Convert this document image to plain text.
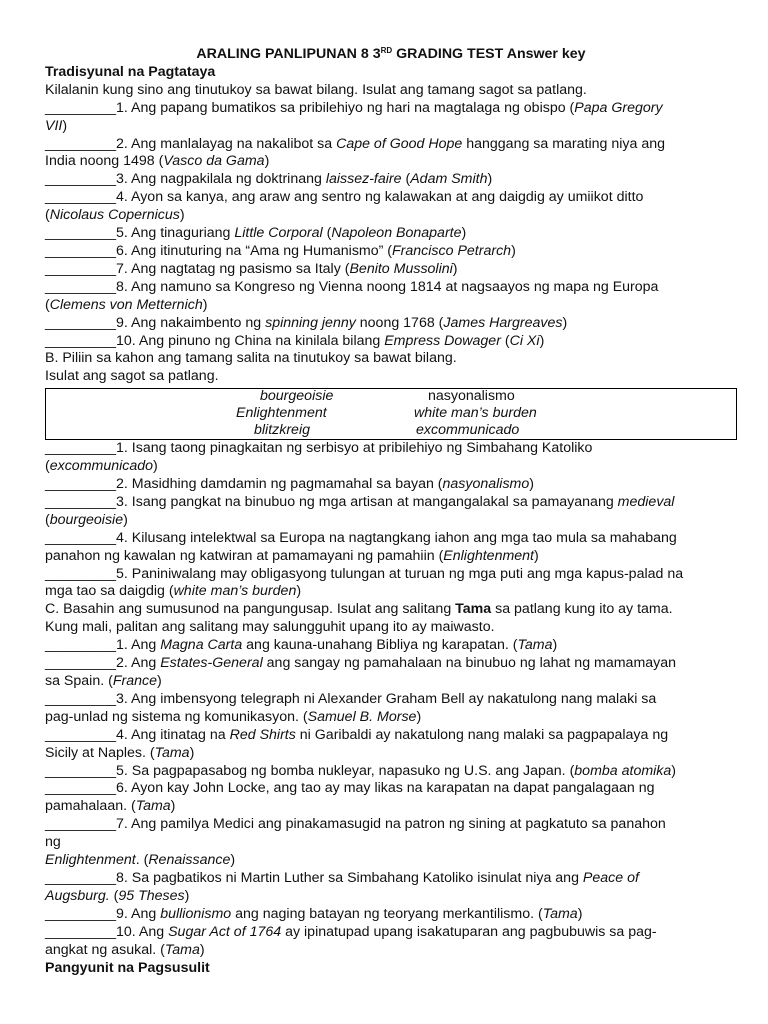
ARALING PANLIPUNAN 8 3RD GRADING TEST Answer key
Tradisyunal na Pagtataya
Kilalanin kung sino ang tinutukoy sa bawat bilang. Isulat ang tamang sagot sa patlang.
_________1. Ang papang bumatikos sa pribilehiyo ng hari na magtalaga ng obispo (Papa Gregory
VII)
_________2. Ang manlalayag na nakalibot sa Cape of Good Hope hanggang sa marating niya ang
India noong 1498 (Vasco da Gama)
_________3. Ang nagpakilala ng doktrinang laissez-faire (Adam Smith)
_________4. Ayon sa kanya, ang araw ang sentro ng kalawakan at ang daigdig ay umiikot ditto
(Nicolaus Copernicus)
_________5. Ang tinaguriang Little Corporal (Napoleon Bonaparte)
_________6. Ang itinuturing na “Ama ng Humanismo” (Francisco Petrarch)
_________7. Ang nagtatag ng pasismo sa Italy (Benito Mussolini)
_________8. Ang namuno sa Kongreso ng Vienna noong 1814 at nagsaayos ng mapa ng Europa
(Clemens von Metternich)
_________9. Ang nakaimbento ng spinning jenny noong 1768 (James Hargreaves)
_________10. Ang pinuno ng China na kinilala bilang Empress Dowager (Ci Xi)
B. Piliin sa kahon ang tamang salita na tinutukoy sa bawat bilang.
Isulat ang sagot sa patlang.
bourgeoisie	nasyonalismo
Enlightenment	white man’s burden
blitzkreig	excommunicado
_________1. Isang taong pinagkaitan ng serbisyo at pribilehiyo ng Simbahang Katoliko
(excommunicado)
_________2. Masidhing damdamin ng pagmamahal sa bayan (nasyonalismo)
_________3. Isang pangkat na binubuo ng mga artisan at mangangalakal sa pamayanang medieval
(bourgeoisie)
_________4. Kilusang intelektwal sa Europa na nagtangkang iahon ang mga tao mula sa mahabang
panahon ng kawalan ng katwiran at pamamayani ng pamahiin (Enlightenment)
_________5. Paniniwalang may obligasyong tulungan at turuan ng mga puti ang mga kapus-palad na
mga tao sa daigdig (white man’s burden)
C. Basahin ang sumusunod na pangungusap. Isulat ang salitang Tama sa patlang kung ito ay tama.
Kung mali, palitan ang salitang may salungguhit upang ito ay maiwasto.
_________1. Ang Magna Carta ang kauna-unahang Bibliya ng karapatan. (Tama)
_________2. Ang Estates-General ang sangay ng pamahalaan na binubuo ng lahat ng mamamayan
sa Spain. (France)
_________3. Ang imbensyong telegraph ni Alexander Graham Bell ay nakatulong nang malaki sa
pag-unlad ng sistema ng komunikasyon. (Samuel B. Morse)
_________4. Ang itinatag na Red Shirts ni Garibaldi ay nakatulong nang malaki sa pagpapalaya ng
Sicily at Naples. (Tama)
_________5. Sa pagpapasabog ng bomba nukleyar, napasuko ng U.S. ang Japan. (bomba atomika)
_________6. Ayon kay John Locke, ang tao ay may likas na karapatan na dapat pangalagaan ng
pamahalaan. (Tama)
_________7. Ang pamilya Medici ang pinakamasugid na patron ng sining at pagkatuto sa panahon
ng
Enlightenment. (Renaissance)
_________8. Sa pagbatikos ni Martin Luther sa Simbahang Katoliko isinulat niya ang Peace of
Augsburg. (95 Theses)
_________9. Ang bullionismo ang naging batayan ng teoryang merkantilismo. (Tama)
_________10. Ang Sugar Act of 1764 ay ipinatupad upang isakatuparan ang pagbubuwis sa pag-
angkat ng asukal. (Tama)
Pangyunit na Pagsusulit
